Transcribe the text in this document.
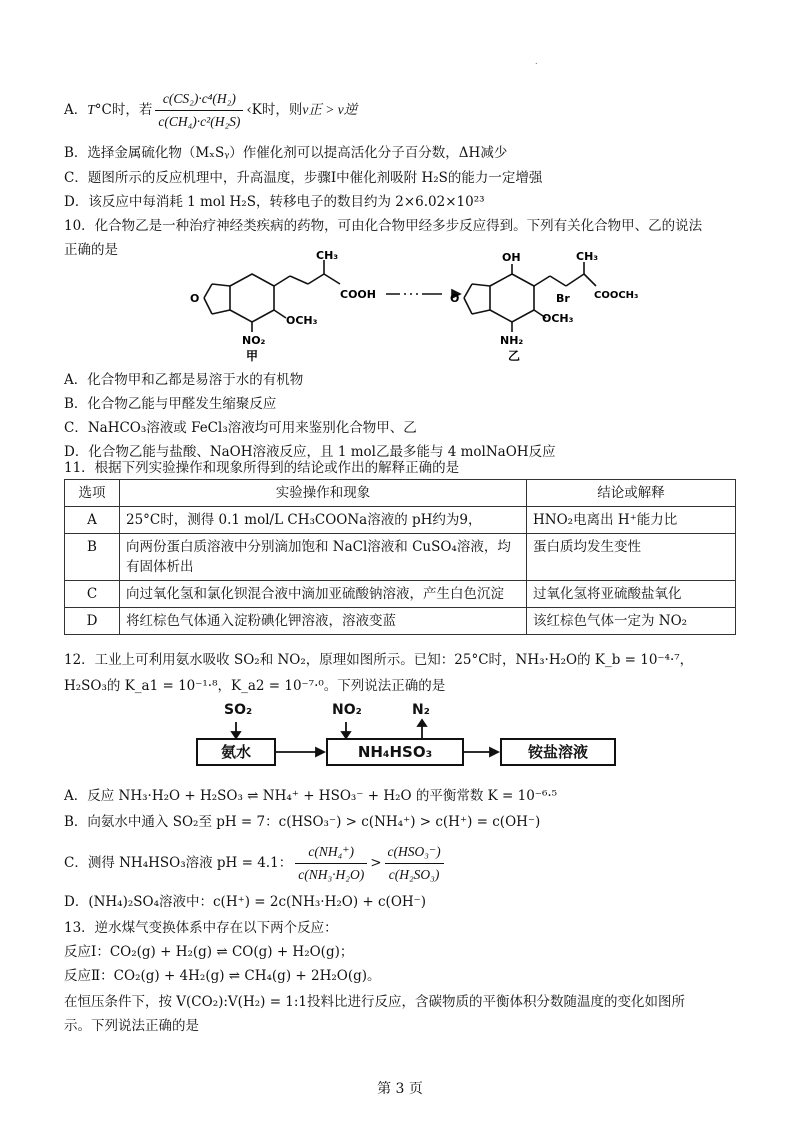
.
A．T°C时，若 $\frac{\text{c(CS₂)·c⁴(H₂)}}{\text{c(CH₄)·c²(H₂S)}}$ ‹K时，则v正 > v逆
B．选择金属硫化物（MₓSᵧ）作催化剂可以提高活化分子百分数，ΔH减少
C．题图所示的反应机理中，升高温度，步骤Ⅰ中催化剂吸附 H₂S的能力一定增强
D．该反应中每消耗 1 mol H₂S，转移电子的数目约为 2×6.02×10²³
10．化合物乙是一种治疗神经类疾病的药物，可由化合物甲经多步反应得到。下列有关化合物甲、乙的说法
正确的是
O
CH₃
COOH
OCH₃
NO₂
甲
O
OH	CH₃
Br COOCH₃
OCH₃
NH₂
乙
A．化合物甲和乙都是易溶于水的有机物
B．化合物乙能与甲醛发生缩聚反应
C．NaHCO₃溶液或 FeCl₃溶液均可用来鉴别化合物甲、乙
D．化合物乙能与盐酸、NaOH溶液反应，且 1 mol乙最多能与 4 molNaOH反应
11．根据下列实验操作和现象所得到的结论或作出的解释正确的是
选项	实验操作和现象	结论或解释
A	25°C时，测得 0.1 mol/L CH₃COONa溶液的 pH约为9，	HNO₂电离出 H⁺能力比
B	向两份蛋白质溶液中分别滴加饱和 NaCl溶液和 CuSO₄溶液，均有固体析出	蛋白质均发生变性
C	向过氧化氢和氯化钡混合液中滴加亚硫酸钠溶液，产生白色沉淀	过氧化氢将亚硫酸盐氧化
D	将红棕色气体通入淀粉碘化钾溶液，溶液变蓝	该红棕色气体一定为 NO₂
12．工业上可利用氨水吸收 SO₂和 NO₂，原理如图所示。已知：25°C时，NH₃·H₂O的 K_b = 10⁻⁴·⁷，
H₂SO₃的 K_a1 = 10⁻¹·⁸，K_a2 = 10⁻⁷·⁰。下列说法正确的是
SO₂	NO₂	N₂
氨水	NH₄HSO₃	铵盐溶液
A．反应 NH₃·H₂O + H₂SO₃ ⇌ NH₄⁺ + HSO₃⁻ + H₂O 的平衡常数 K = 10⁻⁶·⁵
B．向氨水中通入 SO₂至 pH = 7：c(HSO₃⁻) > c(NH₄⁺) > c(H⁺) = c(OH⁻)
C．测得 NH₄HSO₃溶液 pH = 4.1： $\frac{\text{c(NH₄⁺)}}{\text{c(NH₃·H₂O)}} > \frac{\text{c(HSO₃⁻)}}{\text{c(H₂SO₃)}}$
D．(NH₄)₂SO₄溶液中：c(H⁺) = 2c(NH₃·H₂O) + c(OH⁻)
13．逆水煤气变换体系中存在以下两个反应：
反应Ⅰ：CO₂(g) + H₂(g) ⇌ CO(g) + H₂O(g)；
反应Ⅱ：CO₂(g) + 4H₂(g) ⇌ CH₄(g) + 2H₂O(g)。
在恒压条件下，按 V(CO₂):V(H₂) = 1:1投料比进行反应，含碳物质的平衡体积分数随温度的变化如图所
示。下列说法正确的是
第 3 页
